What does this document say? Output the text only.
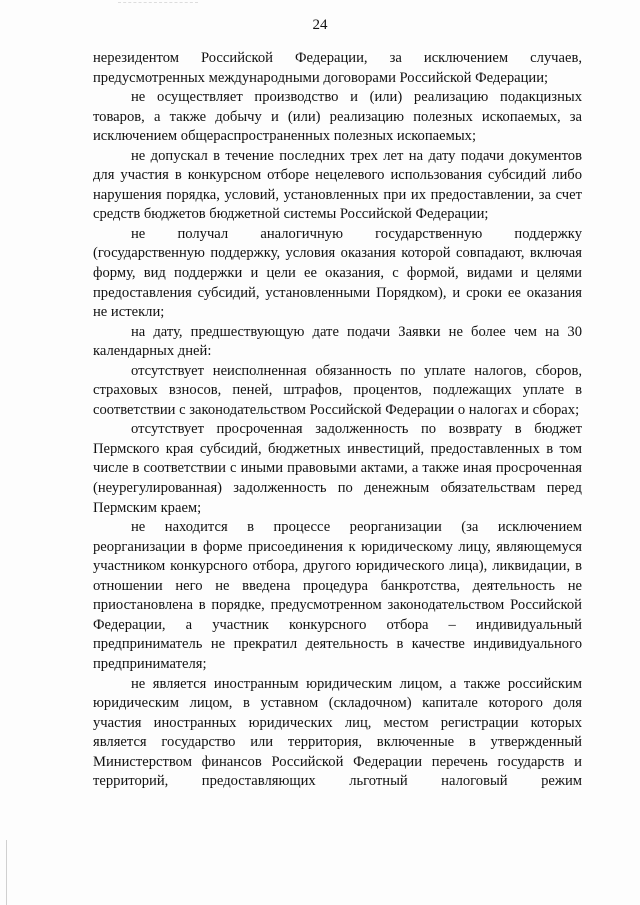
24

нерезидентом Российской Федерации, за исключением случаев, предусмотренных международными договорами Российской Федерации;

не осуществляет производство и (или) реализацию подакцизных товаров, а также добычу и (или) реализацию полезных ископаемых, за исключением общераспространенных полезных ископаемых;

не допускал в течение последних трех лет на дату подачи документов для участия в конкурсном отборе нецелевого использования субсидий либо нарушения порядка, условий, установленных при их предоставлении, за счет средств бюджетов бюджетной системы Российской Федерации;

не получал аналогичную государственную поддержку (государственную поддержку, условия оказания которой совпадают, включая форму, вид поддержки и цели ее оказания, с формой, видами и целями предоставления субсидий, установленными Порядком), и сроки ее оказания не истекли;

на дату, предшествующую дате подачи Заявки не более чем на 30 календарных дней:

отсутствует неисполненная обязанность по уплате налогов, сборов, страховых взносов, пеней, штрафов, процентов, подлежащих уплате в соответствии с законодательством Российской Федерации о налогах и сборах;

отсутствует просроченная задолженность по возврату в бюджет Пермского края субсидий, бюджетных инвестиций, предоставленных в том числе в соответствии с иными правовыми актами, а также иная просроченная (неурегулированная) задолженность по денежным обязательствам перед Пермским краем;

не находится в процессе реорганизации (за исключением реорганизации в форме присоединения к юридическому лицу, являющемуся участником конкурсного отбора, другого юридического лица), ликвидации, в отношении него не введена процедура банкротства, деятельность не приостановлена в порядке, предусмотренном законодательством Российской Федерации, а участник конкурсного отбора – индивидуальный предприниматель не прекратил деятельность в качестве индивидуального предпринимателя;

не является иностранным юридическим лицом, а также российским юридическим лицом, в уставном (складочном) капитале которого доля участия иностранных юридических лиц, местом регистрации которых является государство или территория, включенные в утвержденный Министерством финансов Российской Федерации перечень государств и территорий, предоставляющих льготный налоговый режим
